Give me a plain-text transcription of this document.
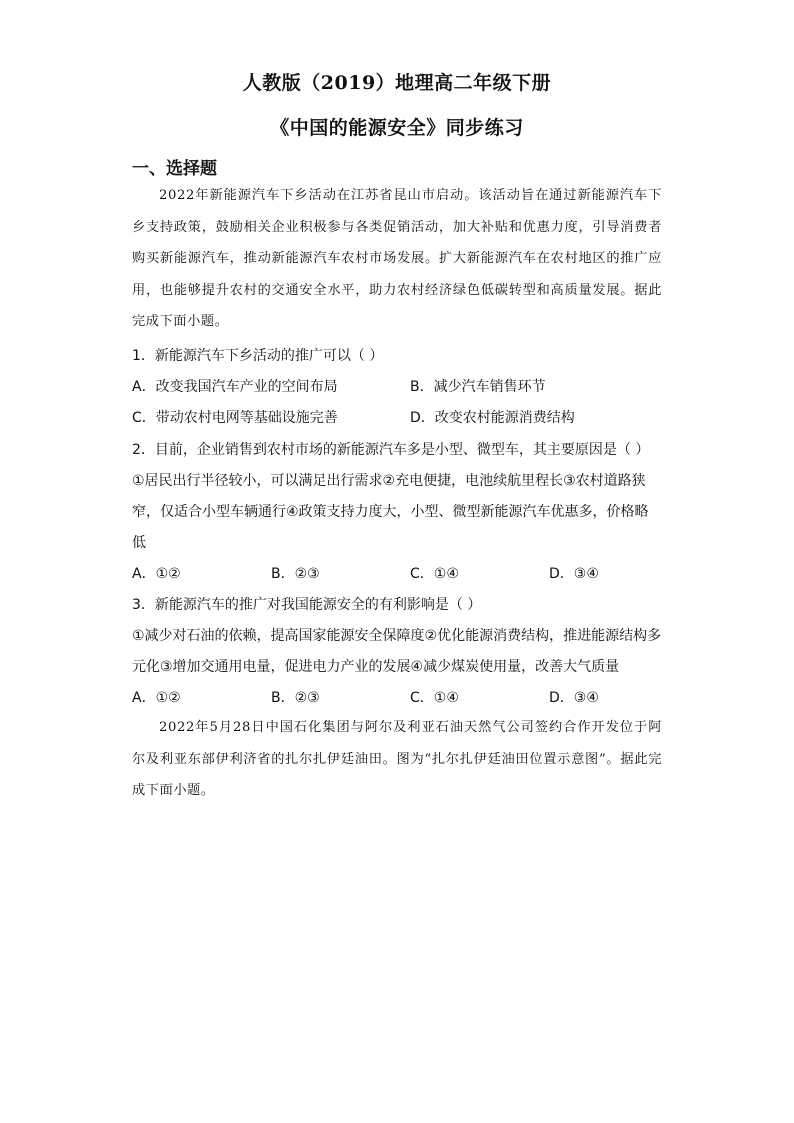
人教版（2019）地理高二年级下册
《中国的能源安全》同步练习
一、选择题

2022年新能源汽车下乡活动在江苏省昆山市启动。该活动旨在通过新能源汽车下乡支持政策，鼓励相关企业积极参与各类促销活动，加大补贴和优惠力度，引导消费者购买新能源汽车，推动新能源汽车农村市场发展。扩大新能源汽车在农村地区的推广应用，也能够提升农村的交通安全水平，助力农村经济绿色低碳转型和高质量发展。据此完成下面小题。

1．新能源汽车下乡活动的推广可以（ ）
A．改变我国汽车产业的空间布局	B．减少汽车销售环节
C．带动农村电网等基础设施完善	D．改变农村能源消费结构
2．目前，企业销售到农村市场的新能源汽车多是小型、微型车，其主要原因是（ ）

①居民出行半径较小，可以满足出行需求②充电便捷，电池续航里程长③农村道路狭窄，仅适合小型车辆通行④政策支持力度大，小型、微型新能源汽车优惠多，价格略低

A．①②	B．②③	C．①④	D．③④
3．新能源汽车的推广对我国能源安全的有利影响是（ ）

①减少对石油的依赖，提高国家能源安全保障度②优化能源消费结构，推进能源结构多元化③增加交通用电量，促进电力产业的发展④减少煤炭使用量，改善大气质量

A．①②	B．②③	C．①④	D．③④

2022年5月28日中国石化集团与阿尔及利亚石油天然气公司签约合作开发位于阿尔及利亚东部伊利济省的扎尔扎伊廷油田。图为“扎尔扎伊廷油田位置示意图”。据此完成下面小题。
